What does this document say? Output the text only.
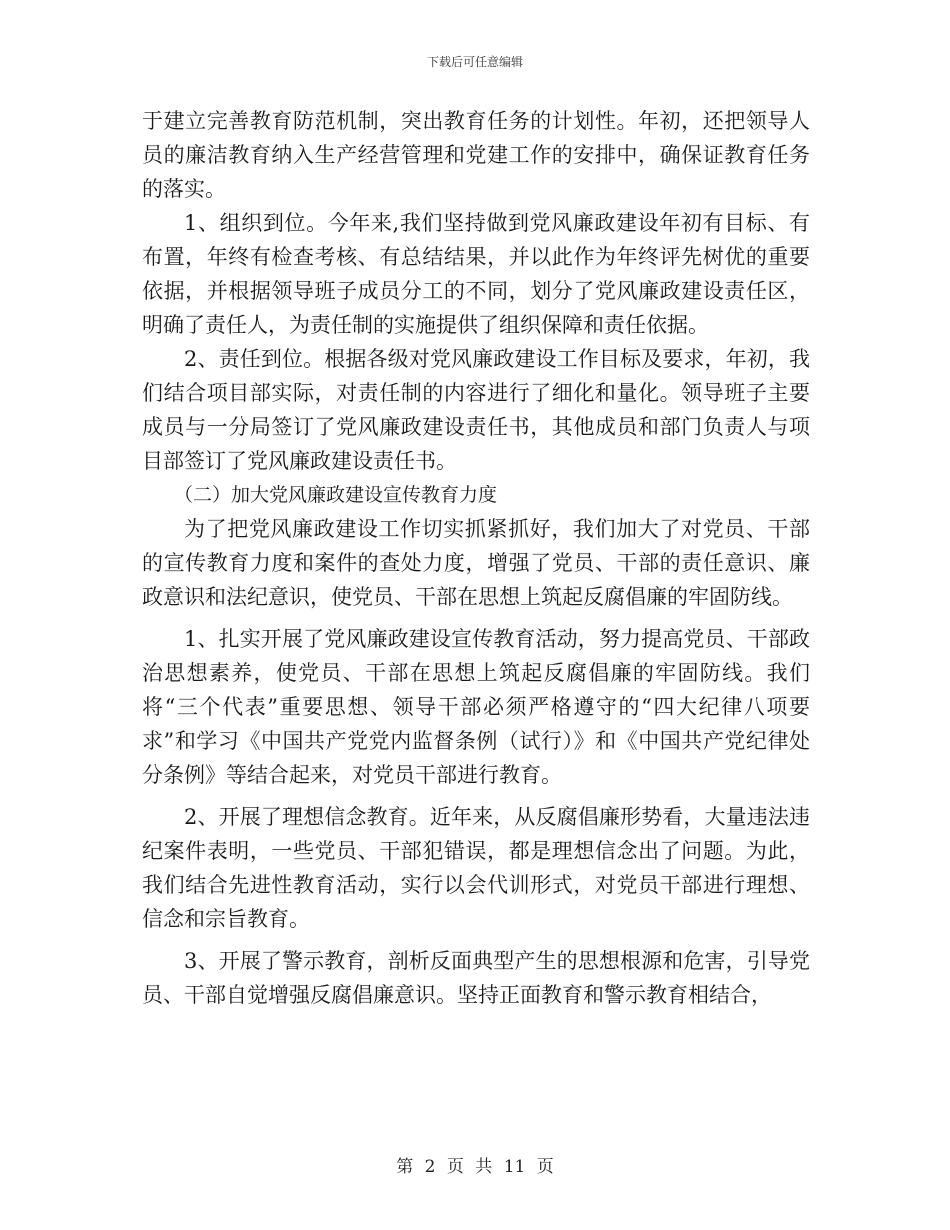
下载后可任意编辑

于建立完善教育防范机制，突出教育任务的计划性。年初，还把领导人员的廉洁教育纳入生产经营管理和党建工作的安排中，确保证教育任务的落实。

1、组织到位。今年来,我们坚持做到党风廉政建设年初有目标、有布置，年终有检查考核、有总结结果，并以此作为年终评先树优的重要依据，并根据领导班子成员分工的不同，划分了党风廉政建设责任区，明确了责任人，为责任制的实施提供了组织保障和责任依据。

2、责任到位。根据各级对党风廉政建设工作目标及要求，年初，我们结合项目部实际，对责任制的内容进行了细化和量化。领导班子主要成员与一分局签订了党风廉政建设责任书，其他成员和部门负责人与项目部签订了党风廉政建设责任书。

（二）加大党风廉政建设宣传教育力度

为了把党风廉政建设工作切实抓紧抓好，我们加大了对党员、干部的宣传教育力度和案件的查处力度，增强了党员、干部的责任意识、廉政意识和法纪意识，使党员、干部在思想上筑起反腐倡廉的牢固防线。

1、扎实开展了党风廉政建设宣传教育活动，努力提高党员、干部政治思想素养，使党员、干部在思想上筑起反腐倡廉的牢固防线。我们将“三个代表”重要思想、领导干部必须严格遵守的“四大纪律八项要求”和学习《中国共产党党内监督条例（试行）》和《中国共产党纪律处分条例》等结合起来，对党员干部进行教育。

2、开展了理想信念教育。近年来，从反腐倡廉形势看，大量违法违纪案件表明，一些党员、干部犯错误，都是理想信念出了问题。为此，我们结合先进性教育活动，实行以会代训形式，对党员干部进行理想、信念和宗旨教育。

3、开展了警示教育，剖析反面典型产生的思想根源和危害，引导党员、干部自觉增强反腐倡廉意识。坚持正面教育和警示教育相结合，

第 2 页 共 11 页
